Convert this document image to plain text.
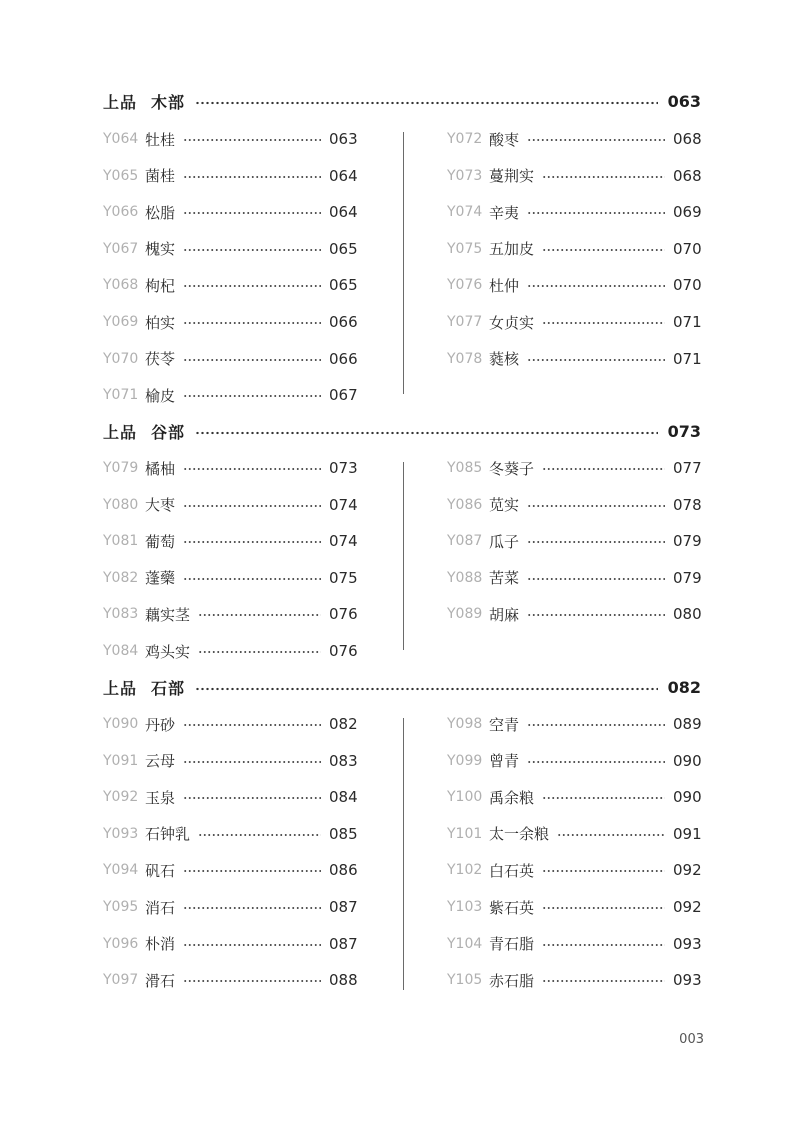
上品 木部	063
Y064 牡桂	063
Y065 菌桂	064
Y066 松脂	064
Y067 槐实	065
Y068 枸杞	065
Y069 柏实	066
Y070 茯苓	066
Y071 榆皮	067
Y072 酸枣	068
Y073 蔓荆实	068
Y074 辛夷	069
Y075 五加皮	070
Y076 杜仲	070
Y077 女贞实	071
Y078 蕤核	071
上品 谷部	073
Y079 橘柚	073
Y080 大枣	074
Y081 葡萄	074
Y082 蓬藥	075
Y083 藕实茎	076
Y084 鸡头实	076
Y085 冬葵子	077
Y086 苋实	078
Y087 瓜子	079
Y088 苦菜	079
Y089 胡麻	080
上品 石部	082
Y090 丹砂	082
Y091 云母	083
Y092 玉泉	084
Y093 石钟乳	085
Y094 矾石	086
Y095 消石	087
Y096 朴消	087
Y097 滑石	088
Y098 空青	089
Y099 曾青	090
Y100 禹余粮	090
Y101 太一余粮	091
Y102 白石英	092
Y103 紫石英	092
Y104 青石脂	093
Y105 赤石脂	093
003
